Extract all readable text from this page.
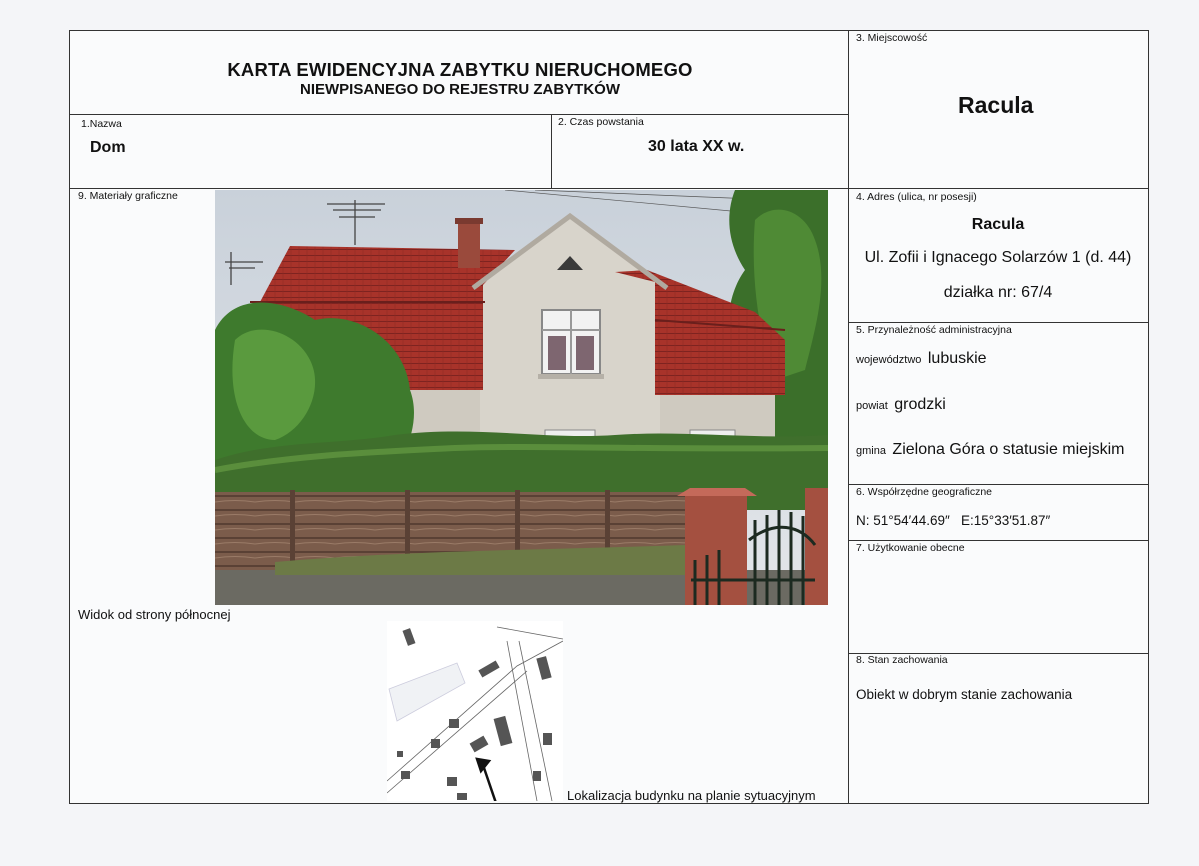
KARTA EWIDENCYJNA ZABYTKU NIERUCHOMEGO
NIEWPISANEGO DO REJESTRU ZABYTKÓW
1.Nazwa
Dom
2. Czas powstania
30 lata XX w.
3. Miejscowość
Racula
4. Adres (ulica, nr posesji)
Racula
Ul. Zofii i Ignacego Solarzów 1 (d. 44)
działka nr: 67/4
5. Przynależność administracyjna
województwo lubuskie
powiat grodzki
gmina Zielona Góra o statusie miejskim
6. Współrzędne geograficzne
N: 51°54′44.69″   E:15°33′51.87″
7. Użytkowanie obecne
8. Stan zachowania
Obiekt w dobrym stanie zachowania
9. Materiały graficzne
Widok od strony północnej
Lokalizacja budynku na planie sytuacyjnym
